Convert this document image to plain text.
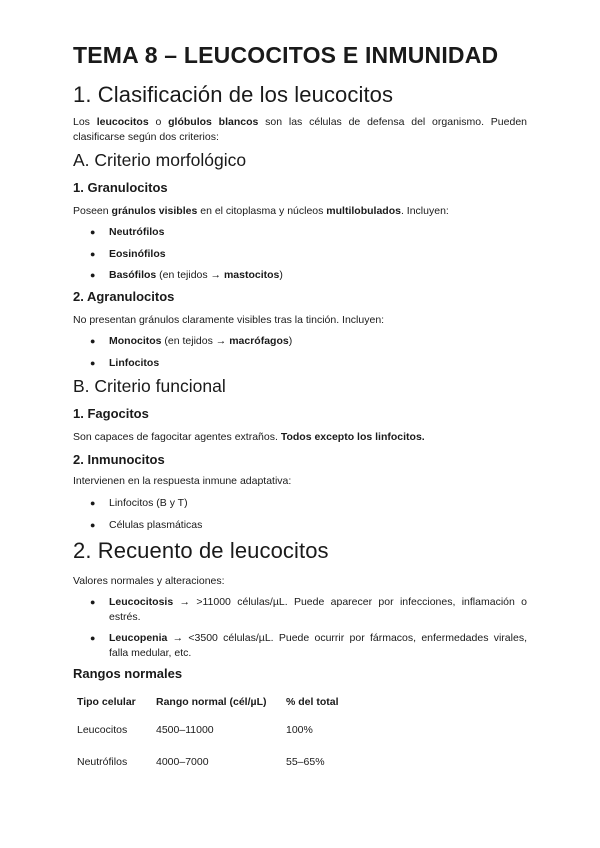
TEMA 8 – LEUCOCITOS E INMUNIDAD
1. Clasificación de los leucocitos

Los leucocitos o glóbulos blancos son las células de defensa del organismo. Pueden clasificarse según dos criterios:

A. Criterio morfológico
1. Granulocitos

Poseen gránulos visibles en el citoplasma y núcleos multilobulados. Incluyen:

● Neutrófilos
● Eosinófilos
● Basófilos (en tejidos → mastocitos)
2. Agranulocitos

No presentan gránulos claramente visibles tras la tinción. Incluyen:

● Monocitos (en tejidos → macrófagos)
● Linfocitos
B. Criterio funcional
1. Fagocitos

Son capaces de fagocitar agentes extraños. Todos excepto los linfocitos.

2. Inmunocitos

Intervienen en la respuesta inmune adaptativa:

● Linfocitos (B y T)
● Células plasmáticas
2. Recuento de leucocitos

Valores normales y alteraciones:

● Leucocitosis → >11000 células/µL. Puede aparecer por infecciones, inflamación o estrés.
● Leucopenia → <3500 células/µL. Puede ocurrir por fármacos, enfermedades virales, falla medular, etc.
Rangos normales
Tipo celular	Rango normal (cél/µL)	% del total
Leucocitos	4500–11000	100%
Neutrófilos	4000–7000	55–65%
